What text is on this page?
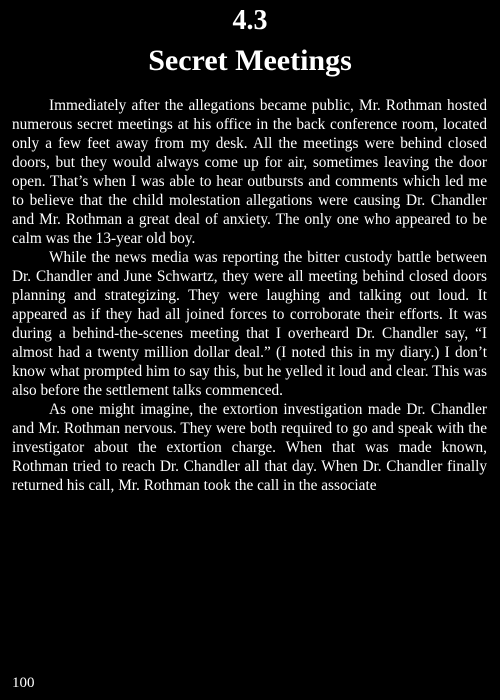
4.3
Secret Meetings

Immediately after the allegations became public, Mr. Rothman hosted numerous secret meetings at his office in the back conference room, located only a few feet away from my desk. All the meetings were behind closed doors, but they would always come up for air, sometimes leaving the door open. That’s when I was able to hear outbursts and comments which led me to believe that the child molestation allegations were causing Dr. Chandler and Mr. Rothman a great deal of anxiety. The only one who appeared to be calm was the 13-year old boy.

While the news media was reporting the bitter custody battle between Dr. Chandler and June Schwartz, they were all meeting behind closed doors planning and strategizing. They were laughing and talking out loud. It appeared as if they had all joined forces to corroborate their efforts. It was during a behind-the-scenes meeting that I overheard Dr. Chandler say, “I almost had a twenty million dollar deal.” (I noted this in my diary.) I don’t know what prompted him to say this, but he yelled it loud and clear. This was also before the settlement talks commenced.

As one might imagine, the extortion investigation made Dr. Chandler and Mr. Rothman nervous. They were both required to go and speak with the investigator about the extortion charge. When that was made known, Rothman tried to reach Dr. Chandler all that day. When Dr. Chandler finally returned his call, Mr. Rothman took the call in the associate

100
